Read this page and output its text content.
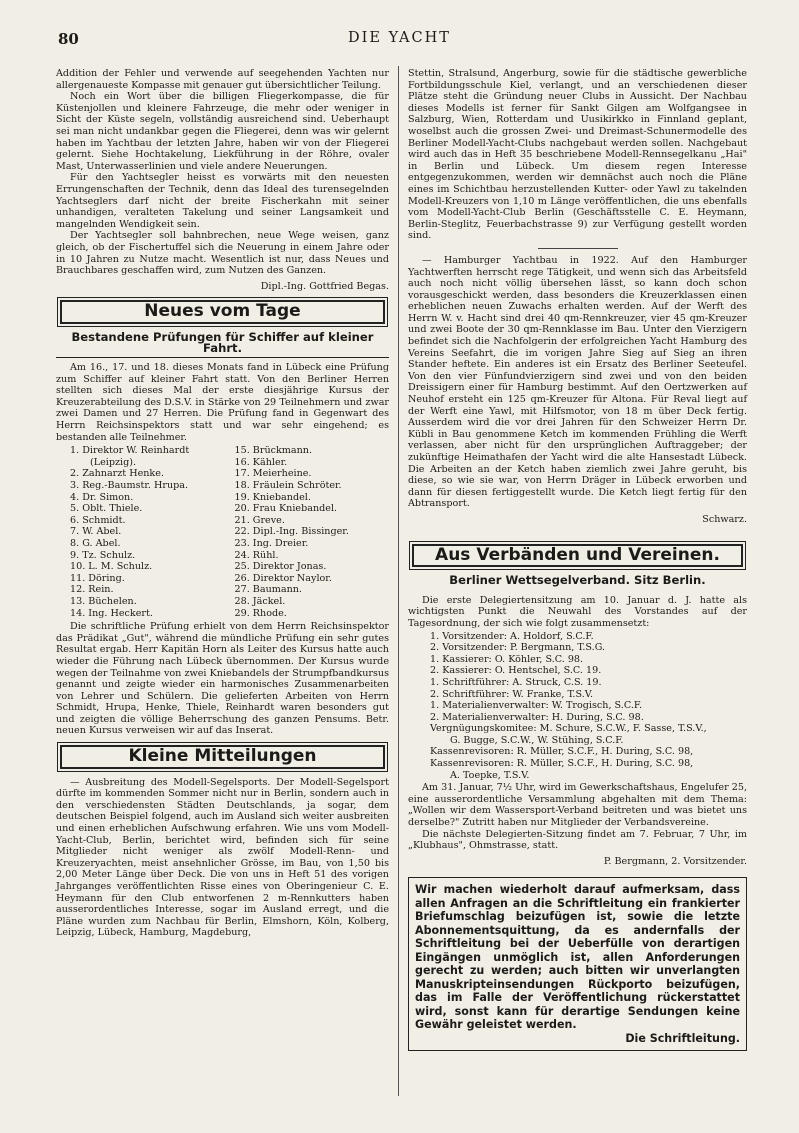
80	DIE YACHT

Addition der Fehler und verwende auf seegehenden Yachten nur allergenaueste Kompasse mit genauer gut übersichtlicher Teilung.

Noch ein Wort über die billigen Fliegerkompasse, die für Küstenjollen und kleinere Fahrzeuge, die mehr oder weniger in Sicht der Küste segeln, vollständig ausreichend sind. Ueberhaupt sei man nicht undankbar gegen die Fliegerei, denn was wir gelernt haben im Yachtbau der letzten Jahre, haben wir von der Fliegerei gelernt. Siehe Hochtakelung, Liekführung in der Röhre, ovaler Mast, Unterwasserlinien und viele andere Neuerungen.

Für den Yachtsegler heisst es vorwärts mit den neuesten Errungenschaften der Technik, denn das Ideal des turensegelnden Yachtseglers darf nicht der breite Fischerkahn mit seiner unhandigen, veralteten Takelung und seiner Langsamkeit und mangelnden Wendigkeit sein.

Der Yachtsegler soll bahnbrechen, neue Wege weisen, ganz gleich, ob der Fischertuffel sich die Neuerung in einem Jahre oder in 10 Jahren zu Nutze macht. Wesentlich ist nur, dass Neues und Brauchbares geschaffen wird, zum Nutzen des Ganzen.

Dipl.-Ing. Gottfried Begas.
Neues vom Tage
Bestandene Prüfungen für Schiffer auf kleiner Fahrt.

Am 16., 17. und 18. dieses Monats fand in Lübeck eine Prüfung zum Schiffer auf kleiner Fahrt statt. Von den Berliner Herren stellten sich dieses Mal der erste diesjährige Kursus der Kreuzerabteilung des D.S.V. in Stärke von 29 Teilnehmern und zwar zwei Damen und 27 Herren. Die Prüfung fand in Gegenwart des Herrn Reichsinspektors statt und war sehr eingehend; es bestanden alle Teilnehmer.

1. Direktor W. Reinhardt
(Leipzig).
2. Zahnarzt Henke.
3. Reg.-Baumstr. Hrupa.
4. Dr. Simon.
5. Oblt. Thiele.
6. Schmidt.
7. W. Abel.
8. G. Abel.
9. Tz. Schulz.
10. L. M. Schulz.
11. Döring.
12. Rein.
13. Büchelen.
14. Ing. Heckert.
15. Brückmann.
16. Kähler.
17. Meierheine.
18. Fräulein Schröter.
19. Kniebandel.
20. Frau Kniebandel.
21. Greve.
22. Dipl.-Ing. Bissinger.
23. Ing. Dreier.
24. Rühl.
25. Direktor Jonas.
26. Direktor Naylor.
27. Baumann.
28. Jäckel.
29. Rhode.

Die schriftliche Prüfung erhielt von dem Herrn Reichsinspektor das Prädikat „Gut", während die mündliche Prüfung ein sehr gutes Resultat ergab. Herr Kapitän Horn als Leiter des Kursus hatte auch wieder die Führung nach Lübeck übernommen. Der Kursus wurde wegen der Teilnahme von zwei Kniebandels der Strumpfbandkursus genannt und zeigte wieder ein harmonisches Zusammenarbeiten von Lehrer und Schülern. Die gelieferten Arbeiten von Herrn Schmidt, Hrupa, Henke, Thiele, Reinhardt waren besonders gut und zeigten die völlige Beherrschung des ganzen Pensums. Betr. neuen Kursus verweisen wir auf das Inserat.

Kleine Mitteilungen

— Ausbreitung des Modell-Segelsports. Der Modell-Segelsport dürfte im kommenden Sommer nicht nur in Berlin, sondern auch in den verschiedensten Städten Deutschlands, ja sogar, dem deutschen Beispiel folgend, auch im Ausland sich weiter ausbreiten und einen erheblichen Aufschwung erfahren. Wie uns vom Modell-Yacht-Club, Berlin, berichtet wird, befinden sich für seine Mitglieder nicht weniger als zwölf Modell-Renn- und Kreuzeryachten, meist ansehnlicher Grösse, im Bau, von 1,50 bis 2,00 Meter Länge über Deck. Die von uns in Heft 51 des vorigen Jahrganges veröffentlichten Risse eines von Oberingenieur C. E. Heymann für den Club entworfenen 2 m-Rennkutters haben ausserordentliches Interesse, sogar im Ausland erregt, und die Pläne wurden zum Nachbau für Berlin, Elmshorn, Köln, Kolberg, Leipzig, Lübeck, Hamburg, Magdeburg,

Stettin, Stralsund, Angerburg, sowie für die städtische gewerbliche Fortbildungsschule Kiel, verlangt, und an verschiedenen dieser Plätze steht die Gründung neuer Clubs in Aussicht. Der Nachbau dieses Modells ist ferner für Sankt Gilgen am Wolfgangsee in Salzburg, Wien, Rotterdam und Uusikirkko in Finnland geplant, woselbst auch die grossen Zwei- und Dreimast-Schunermodelle des Berliner Modell-Yacht-Clubs nachgebaut werden sollen. Nachgebaut wird auch das in Heft 35 beschriebene Modell-Rennsegelkanu „Hai" in Berlin und Lübeck. Um diesem regen Interesse entgegenzukommen, werden wir demnächst auch noch die Pläne eines im Schichtbau herzustellenden Kutter- oder Yawl zu takelnden Modell-Kreuzers von 1,10 m Länge veröffentlichen, die uns ebenfalls vom Modell-Yacht-Club Berlin (Geschäftsstelle C. E. Heymann, Berlin-Steglitz, Feuerbachstrasse 9) zur Verfügung gestellt worden sind.

— Hamburger Yachtbau in 1922. Auf den Hamburger Yachtwerften herrscht rege Tätigkeit, und wenn sich das Arbeitsfeld auch noch nicht völlig übersehen lässt, so kann doch schon vorausgeschickt werden, dass besonders die Kreuzerklassen einen erheblichen neuen Zuwachs erhalten werden. Auf der Werft des Herrn W. v. Hacht sind drei 40 qm-Rennkreuzer, vier 45 qm-Kreuzer und zwei Boote der 30 qm-Rennklasse im Bau. Unter den Vierzigern befindet sich die Nachfolgerin der erfolgreichen Yacht Hamburg des Vereins Seefahrt, die im vorigen Jahre Sieg auf Sieg an ihren Stander heftete. Ein anderes ist ein Ersatz des Berliner Seeteufel. Von den vier Fünfundvierzigern sind zwei und von den beiden Dreissigern einer für Hamburg bestimmt. Auf den Oertzwerken auf Neuhof ersteht ein 125 qm-Kreuzer für Altona. Für Reval liegt auf der Werft eine Yawl, mit Hilfsmotor, von 18 m über Deck fertig. Ausserdem wird die vor drei Jahren für den Schweizer Herrn Dr. Kübli in Bau genommene Ketch im kommenden Frühling die Werft verlassen, aber nicht für den ursprünglichen Auftraggeber; der zukünftige Heimathafen der Yacht wird die alte Hansestadt Lübeck. Die Arbeiten an der Ketch haben ziemlich zwei Jahre geruht, bis diese, so wie sie war, von Herrn Dräger in Lübeck erworben und dann für diesen fertiggestellt wurde. Die Ketch liegt fertig für den Abtransport.

Schwarz.
Aus Verbänden und Vereinen.
Berliner Wettsegelverband. Sitz Berlin.

Die erste Delegiertensitzung am 10. Januar d. J. hatte als wichtigsten Punkt die Neuwahl des Vorstandes auf der Tagesordnung, der sich wie folgt zusammensetzt:

1. Vorsitzender: A. Holdorf, S.C.F.
2. Vorsitzender: P. Bergmann, T.S.G.
1. Kassierer: O. Köhler, S.C. 98.
2. Kassierer: O. Hentschel, S.C. 19.
1. Schriftführer: A. Struck, C.S. 19.
2. Schriftführer: W. Franke, T.S.V.
1. Materialienverwalter: W. Trogisch, S.C.F.
2. Materialienverwalter: H. During, S.C. 98.
Vergnügungskomitee: M. Schure, S.C.W., F. Sasse, T.S.V.,
G. Bugge, S.C.W., W. Stühing, S.C.F.
Kassenrevisoren: R. Müller, S.C.F., H. During, S.C. 98,
Kassenrevisoren: R. Müller, S.C.F., H. During, S.C. 98,
A. Toepke, T.S.V.

Am 31. Januar, 7½ Uhr, wird im Gewerkschaftshaus, Engelufer 25, eine ausserordentliche Versammlung abgehalten mit dem Thema: „Wollen wir dem Wassersport-Verband beitreten und was bietet uns derselbe?" Zutritt haben nur Mitglieder der Verbandsvereine.

Die nächste Delegierten-Sitzung findet am 7. Februar, 7 Uhr, im „Klubhaus", Ohmstrasse, statt.

P. Bergmann, 2. Vorsitzender.
Wir machen wiederholt darauf aufmerksam, dass allen Anfragen an die Schriftleitung ein frankierter Briefumschlag beizufügen ist, sowie die letzte Abonnementsquittung, da es andernfalls der Schriftleitung bei der Ueberfülle von derartigen Eingängen unmöglich ist, allen Anforderungen gerecht zu werden; auch bitten wir unverlangten Manuskripteinsendungen Rückporto beizufügen, das im Falle der Veröffentlichung rückerstattet wird, sonst kann für derartige Sendungen keine Gewähr geleistet werden.
Die Schriftleitung.
